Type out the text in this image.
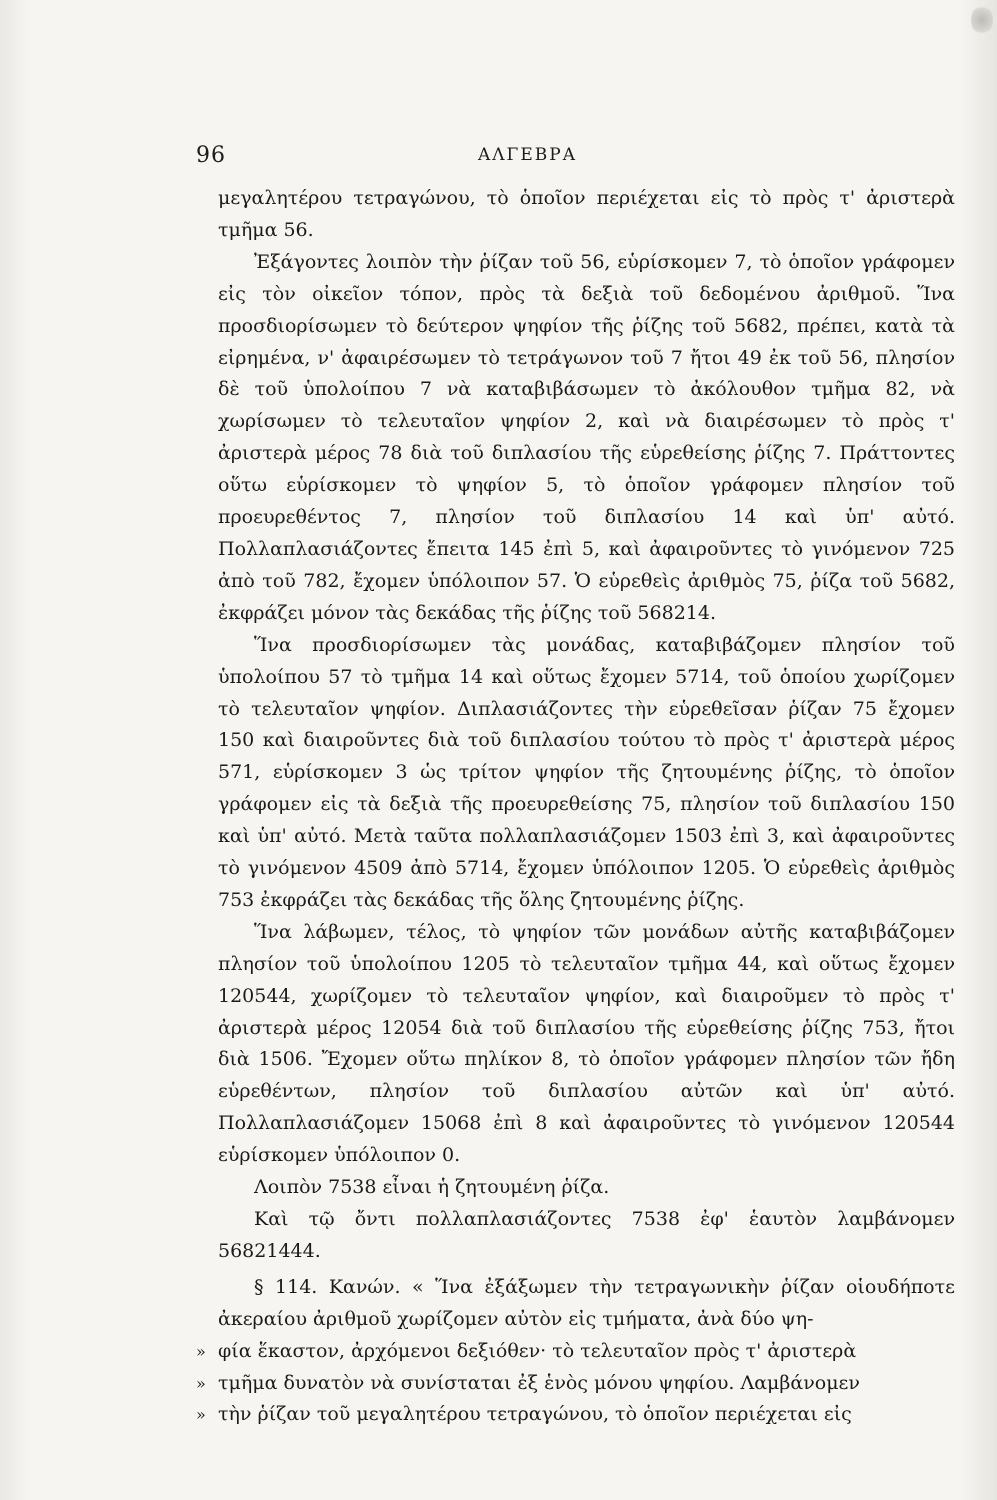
96	ΑΛΓΕΒΡΑ

μεγαλητέρου τετραγώνου, τὸ ὁποῖον περιέχεται εἰς τὸ πρὸς τ' ἀριστερὰ τμῆμα 56.

Ἐξάγοντες λοιπὸν τὴν ῥίζαν τοῦ 56, εὑρίσκομεν 7, τὸ ὁποῖον γράφομεν εἰς τὸν οἰκεῖον τόπον, πρὸς τὰ δεξιὰ τοῦ δεδομένου ἀριθμοῦ. Ἵνα προσδιορίσωμεν τὸ δεύτερον ψηφίον τῆς ῥίζης τοῦ 5682, πρέπει, κατὰ τὰ εἰρημένα, ν' ἀφαιρέσωμεν τὸ τετράγωνον τοῦ 7 ἤτοι 49 ἐκ τοῦ 56, πλησίον δὲ τοῦ ὑπολοίπου 7 νὰ καταβιβάσωμεν τὸ ἀκόλουθον τμῆμα 82, νὰ χωρίσωμεν τὸ τελευταῖον ψηφίον 2, καὶ νὰ διαιρέσωμεν τὸ πρὸς τ' ἀριστερὰ μέρος 78 διὰ τοῦ διπλασίου τῆς εὑρεθείσης ῥίζης 7. Πράττοντες οὕτω εὑρίσκομεν τὸ ψηφίον 5, τὸ ὁποῖον γράφομεν πλησίον τοῦ προευρεθέντος 7, πλησίον τοῦ διπλασίου 14 καὶ ὑπ' αὐτό. Πολλαπλασιάζοντες ἔπειτα 145 ἐπὶ 5, καὶ ἀφαιροῦντες τὸ γινόμενον 725 ἀπὸ τοῦ 782, ἔχομεν ὑπόλοιπον 57. Ὁ εὑρεθεὶς ἀριθμὸς 75, ῥίζα τοῦ 5682, ἐκφράζει μόνον τὰς δεκάδας τῆς ῥίζης τοῦ 568214.

Ἵνα προσδιορίσωμεν τὰς μονάδας, καταβιβάζομεν πλησίον τοῦ ὑπολοίπου 57 τὸ τμῆμα 14 καὶ οὕτως ἔχομεν 5714, τοῦ ὁποίου χωρίζομεν τὸ τελευταῖον ψηφίον. Διπλασιάζοντες τὴν εὑρεθεῖσαν ῥίζαν 75 ἔχομεν 150 καὶ διαιροῦντες διὰ τοῦ διπλασίου τούτου τὸ πρὸς τ' ἀριστερὰ μέρος 571, εὑρίσκομεν 3 ὡς τρίτον ψηφίον τῆς ζητουμένης ῥίζης, τὸ ὁποῖον γράφομεν εἰς τὰ δεξιὰ τῆς προευρεθείσης 75, πλησίον τοῦ διπλασίου 150 καὶ ὑπ' αὐτό. Μετὰ ταῦτα πολλαπλασιάζομεν 1503 ἐπὶ 3, καὶ ἀφαιροῦντες τὸ γινόμενον 4509 ἀπὸ 5714, ἔχομεν ὑπόλοιπον 1205. Ὁ εὑρεθεὶς ἀριθμὸς 753 ἐκφράζει τὰς δεκάδας τῆς ὅλης ζητουμένης ῥίζης.

Ἵνα λάβωμεν, τέλος, τὸ ψηφίον τῶν μονάδων αὐτῆς καταβιβάζομεν πλησίον τοῦ ὑπολοίπου 1205 τὸ τελευταῖον τμῆμα 44, καὶ οὕτως ἔχομεν 120544, χωρίζομεν τὸ τελευταῖον ψηφίον, καὶ διαιροῦμεν τὸ πρὸς τ' ἀριστερὰ μέρος 12054 διὰ τοῦ διπλασίου τῆς εὑρεθείσης ῥίζης 753, ἤτοι διὰ 1506. Ἔχομεν οὕτω πηλίκον 8, τὸ ὁποῖον γράφομεν πλησίον τῶν ἤδη εὑρεθέντων, πλησίον τοῦ διπλασίου αὐτῶν καὶ ὑπ' αὐτό. Πολλαπλασιάζομεν 15068 ἐπὶ 8 καὶ ἀφαιροῦντες τὸ γινόμενον 120544 εὑρίσκομεν ὑπόλοιπον 0.

Λοιπὸν 7538 εἶναι ἡ ζητουμένη ῥίζα.

Καὶ τῷ ὄντι πολλαπλασιάζοντες 7538 ἐφ' ἑαυτὸν λαμβάνομεν 56821444.

§ 114. Κανών. « Ἵνα ἐξάξωμεν τὴν τετραγωνικὴν ῥίζαν οἱουδήποτε ἀκεραίου ἀριθμοῦ χωρίζομεν αὐτὸν εἰς τμήματα, ἀνὰ δύο ψη-

» φία ἕκαστον, ἀρχόμενοι δεξιόθεν· τὸ τελευταῖον πρὸς τ' ἀριστερὰ
» τμῆμα δυνατὸν νὰ συνίσταται ἐξ ἑνὸς μόνου ψηφίου. Λαμβάνομεν
» τὴν ῥίζαν τοῦ μεγαλητέρου τετραγώνου, τὸ ὁποῖον περιέχεται εἰς
